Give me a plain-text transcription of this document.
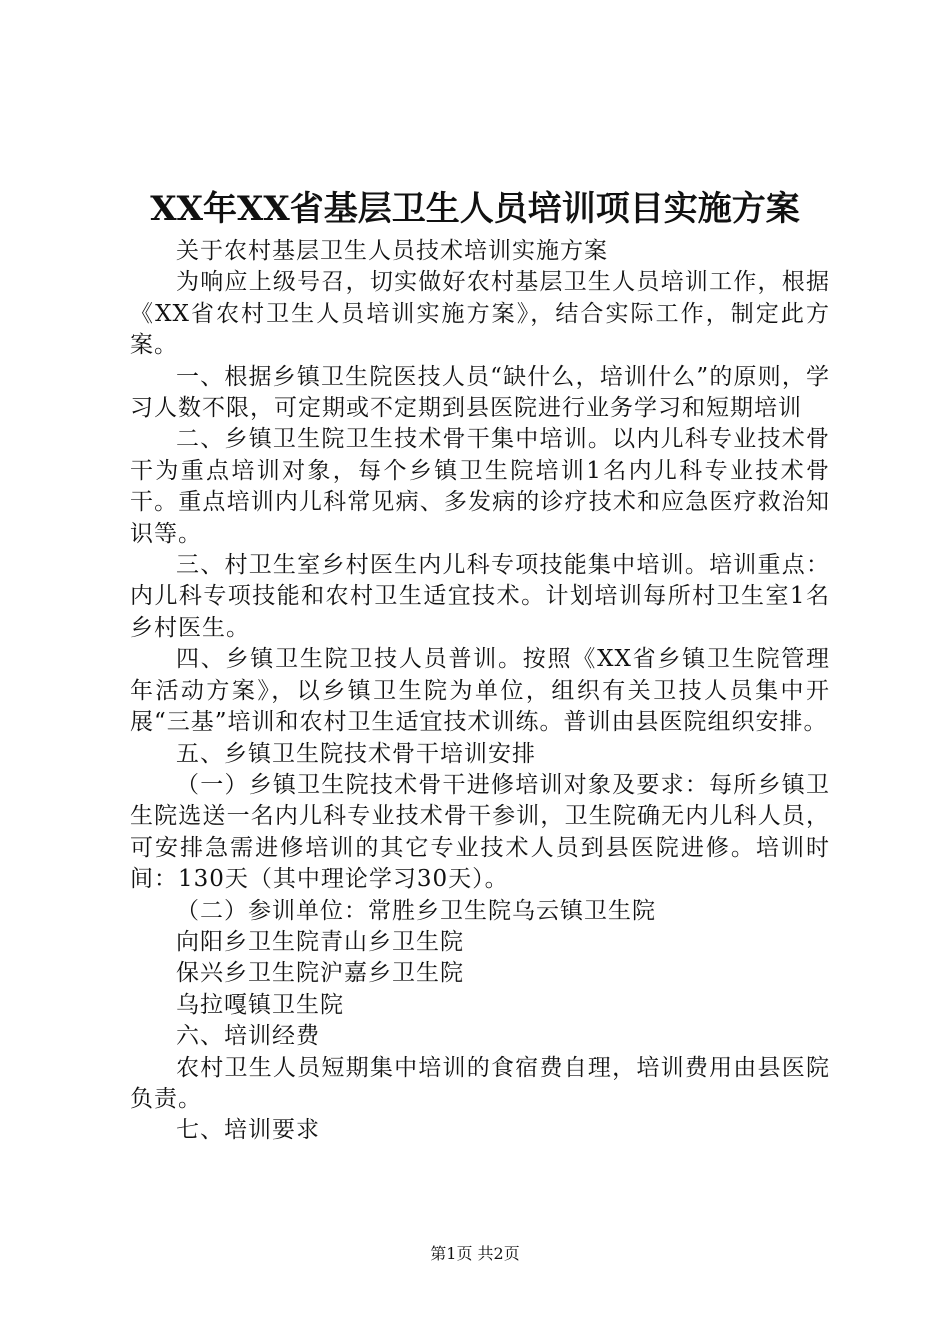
XX年XX省基层卫生人员培训项目实施方案

关于农村基层卫生人员技术培训实施方案

为响应上级号召，切实做好农村基层卫生人员培训工作，根据《XX省农村卫生人员培训实施方案》，结合实际工作，制定此方案。

一、根据乡镇卫生院医技人员“缺什么，培训什么”的原则，学习人数不限，可定期或不定期到县医院进行业务学习和短期培训

二、乡镇卫生院卫生技术骨干集中培训。以内儿科专业技术骨干为重点培训对象，每个乡镇卫生院培训1名内儿科专业技术骨干。重点培训内儿科常见病、多发病的诊疗技术和应急医疗救治知识等。

三、村卫生室乡村医生内儿科专项技能集中培训。培训重点：内儿科专项技能和农村卫生适宜技术。计划培训每所村卫生室1名乡村医生。

四、乡镇卫生院卫技人员普训。按照《XX省乡镇卫生院管理年活动方案》，以乡镇卫生院为单位，组织有关卫技人员集中开展“三基”培训和农村卫生适宜技术训练。普训由县医院组织安排。

五、乡镇卫生院技术骨干培训安排

（一）乡镇卫生院技术骨干进修培训对象及要求：每所乡镇卫生院选送一名内儿科专业技术骨干参训，卫生院确无内儿科人员，可安排急需进修培训的其它专业技术人员到县医院进修。培训时间：130天（其中理论学习30天）。

（二）参训单位：常胜乡卫生院乌云镇卫生院

向阳乡卫生院青山乡卫生院

保兴乡卫生院沪嘉乡卫生院

乌拉嘎镇卫生院

六、培训经费

农村卫生人员短期集中培训的食宿费自理，培训费用由县医院负责。

七、培训要求

第1页 共2页
